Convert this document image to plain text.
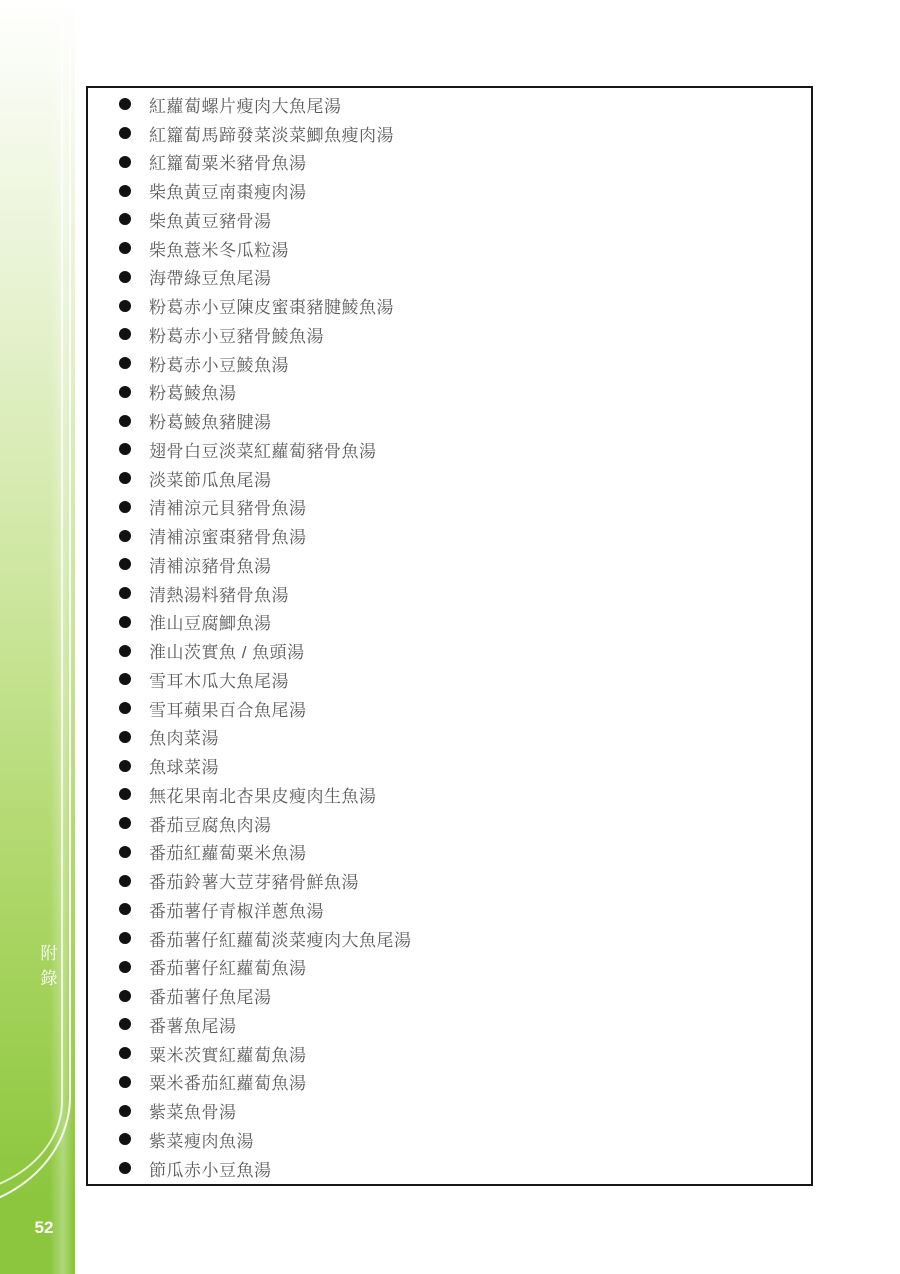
附錄
52
紅蘿蔔螺片瘦肉大魚尾湯
紅籮蔔馬蹄發菜淡菜鯽魚瘦肉湯
紅籮蔔粟米豬骨魚湯
柴魚黃豆南棗瘦肉湯
柴魚黃豆豬骨湯
柴魚薏米冬瓜粒湯
海帶綠豆魚尾湯
粉葛赤小豆陳皮蜜棗豬腱鯪魚湯
粉葛赤小豆豬骨鯪魚湯
粉葛赤小豆鯪魚湯
粉葛鯪魚湯
粉葛鯪魚豬腱湯
翅骨白豆淡菜紅蘿蔔豬骨魚湯
淡菜節瓜魚尾湯
清補涼元貝豬骨魚湯
清補涼蜜棗豬骨魚湯
清補涼豬骨魚湯
清熱湯料豬骨魚湯
淮山豆腐鯽魚湯
淮山茨實魚 / 魚頭湯
雪耳木瓜大魚尾湯
雪耳蘋果百合魚尾湯
魚肉菜湯
魚球菜湯
無花果南北杏果皮瘦肉生魚湯
番茄豆腐魚肉湯
番茄紅蘿蔔粟米魚湯
番茄鈴薯大荳芽豬骨鮮魚湯
番茄薯仔青椒洋蔥魚湯
番茄薯仔紅蘿蔔淡菜瘦肉大魚尾湯
番茄薯仔紅蘿蔔魚湯
番茄薯仔魚尾湯
番薯魚尾湯
粟米茨實紅蘿蔔魚湯
粟米番茄紅蘿蔔魚湯
紫菜魚骨湯
紫菜瘦肉魚湯
節瓜赤小豆魚湯
